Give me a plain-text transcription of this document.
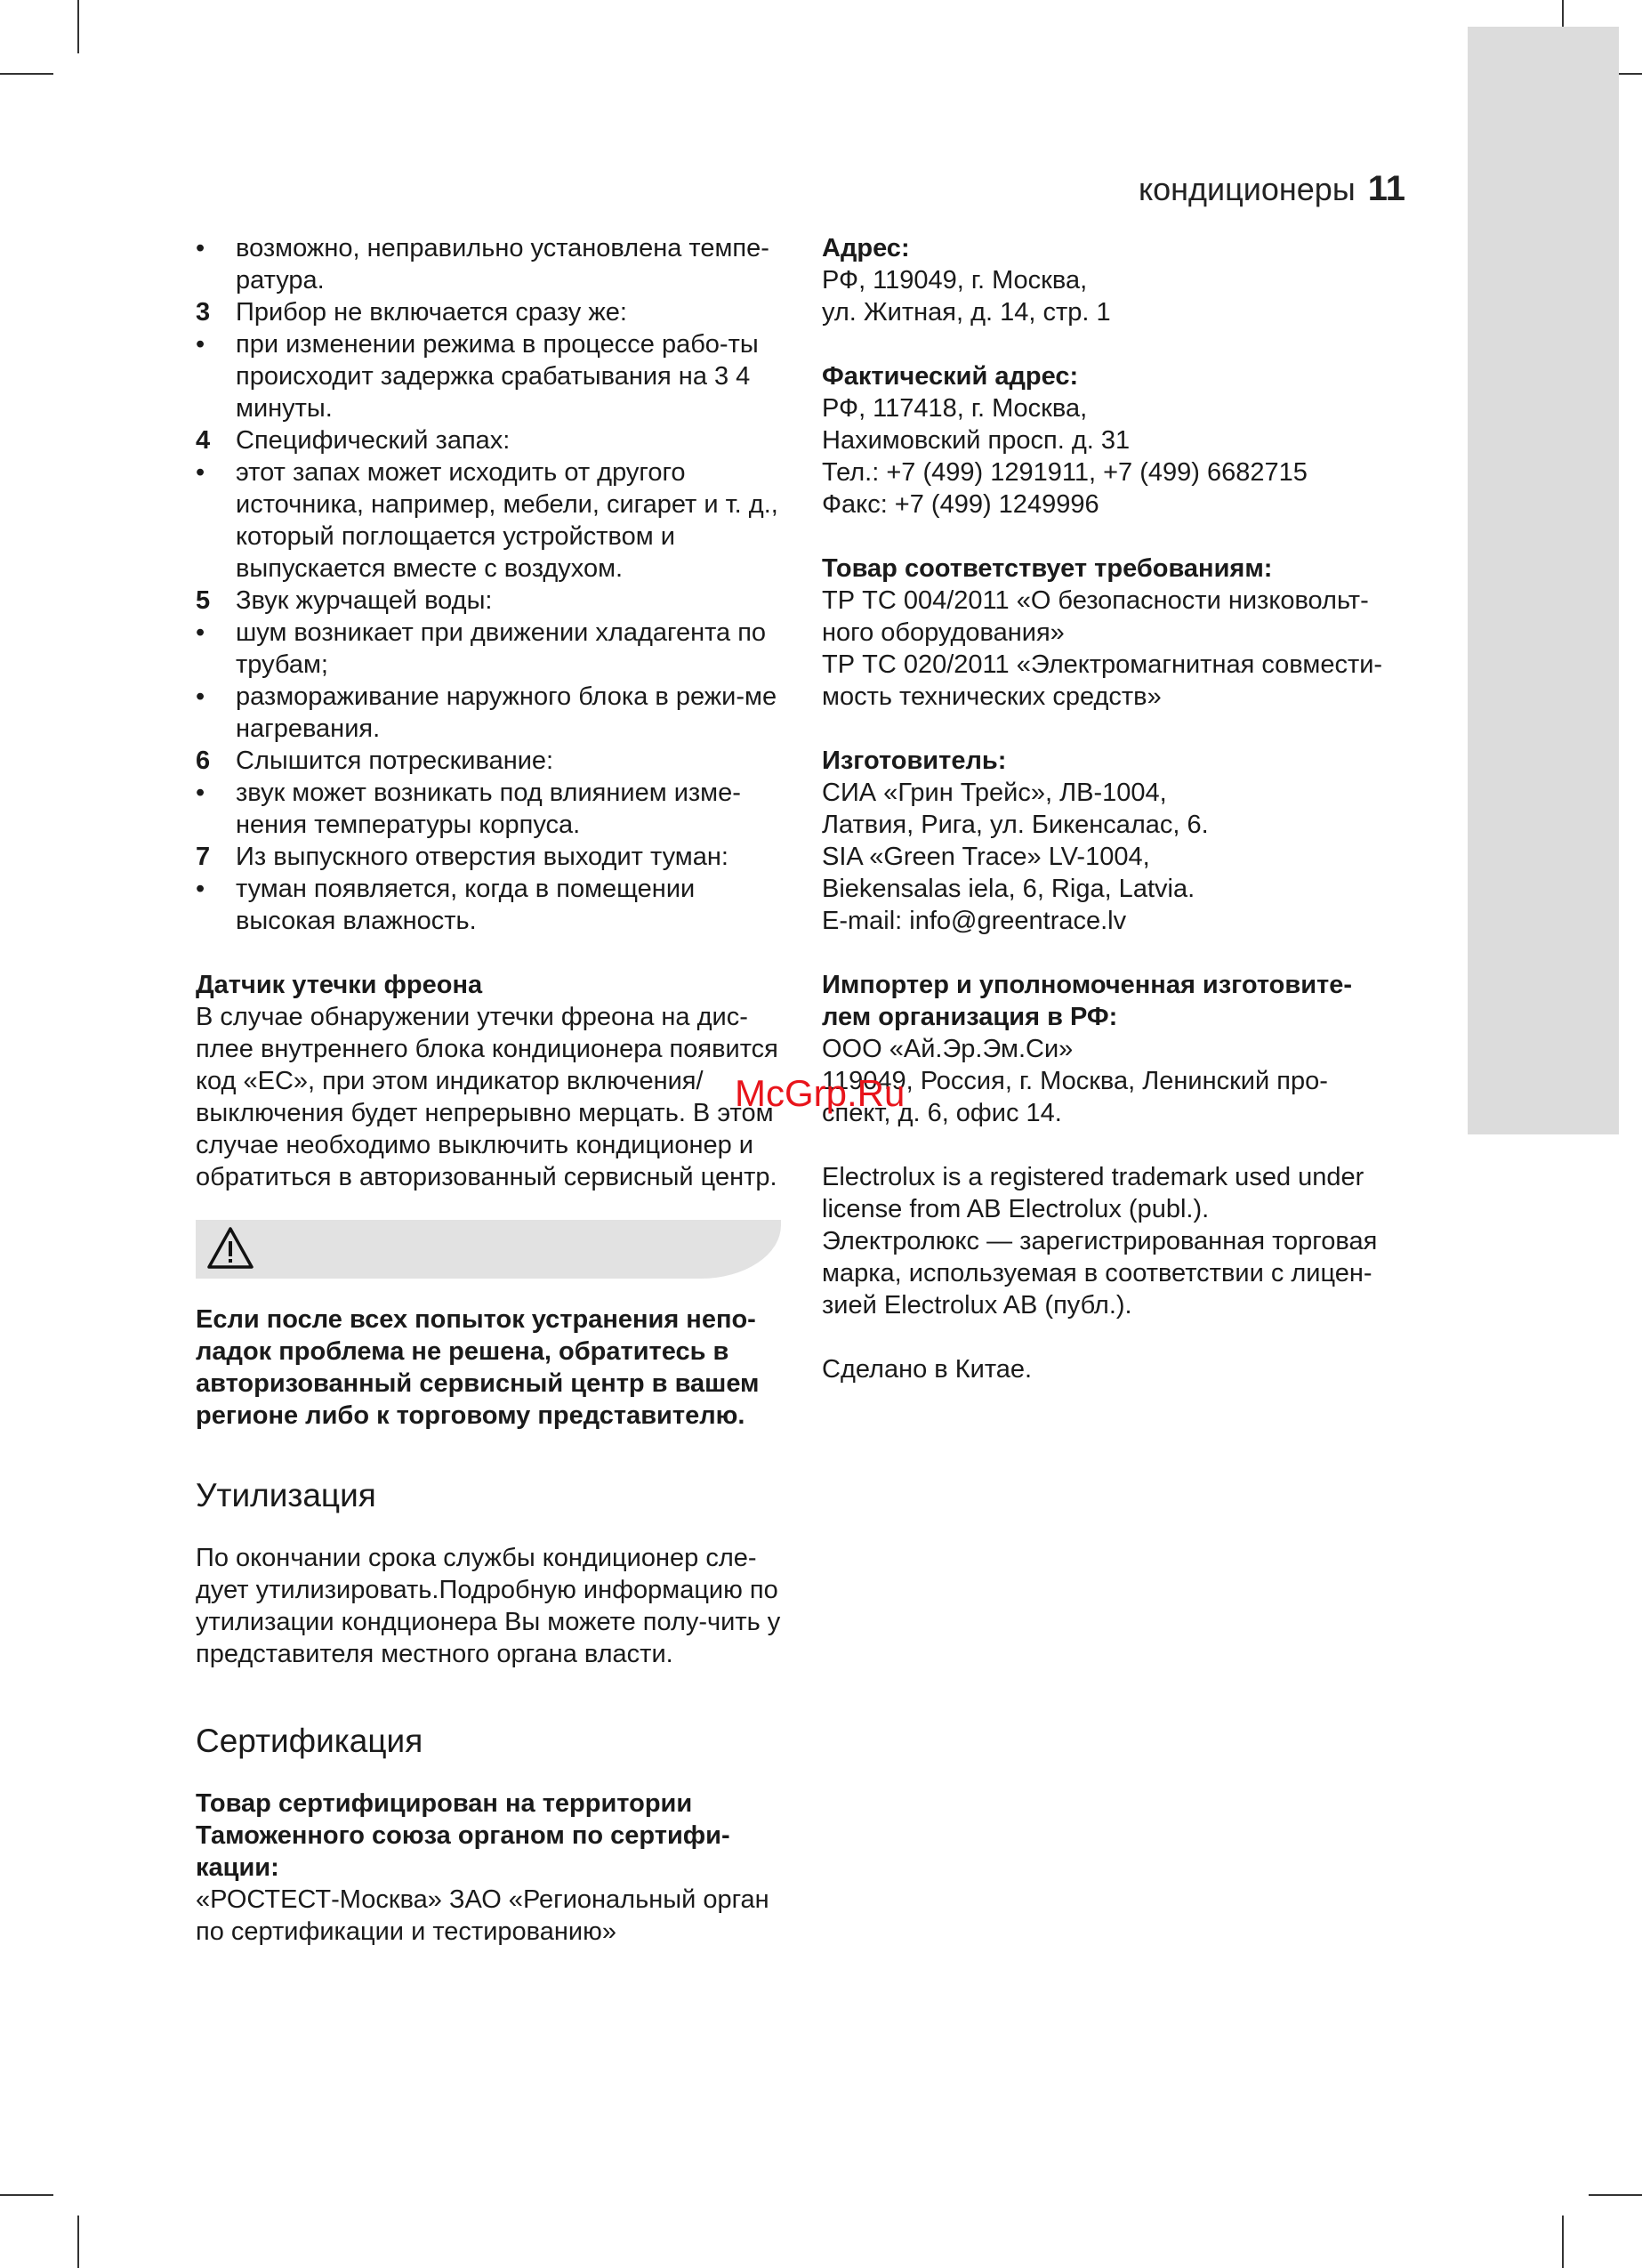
кондиционеры 11
•	возможно, неправильно установлена темпе-ратура.
3 Прибор не включается сразу же:
•	при изменении режима в процессе рабо-ты происходит задержка срабатывания на 3 4 минуты.
4 Специфический запах:
•	этот запах может исходить от другого источника, например, мебели, сигарет и т. д., который поглощается устройством и выпускается вместе с воздухом.
5 Звук журчащей воды:
•	шум возникает при движении хладагента по трубам;
•	размораживание наружного блока в режи-ме нагревания.
6 Слышится потрескивание:
•	звук может возникать под влиянием изме-нения температуры корпуса.
7 Из выпускного отверстия выходит туман:
•	туман появляется, когда в помещении высокая влажность.
Датчик утечки фреона

В случае обнаружении утечки фреона на дис-плее внутреннего блока кондиционера появится код «EC», при этом индикатор включения/выключения будет непрерывно мерцать. В этом случае необходимо выключить кондиционер и обратиться в авторизованный сервисный центр.

Если после всех попыток устранения непо-ладок проблема не решена, обратитесь в авторизованный сервисный центр в вашем регионе либо к торговому представителю.

Утилизация

По окончании срока службы кондиционер сле-дует утилизировать.Подробную информацию по утилизации кондционера Вы можете полу-чить у представителя местного органа власти.

Сертификация

Товар сертифицирован на территории Таможенного союза органом по сертифи-кации:

«РОСТЕСТ-Москва» ЗАО «Региональный орган по сертификации и тестированию»

Адрес:
РФ, 119049, г. Москва,
ул. Житная, д. 14, стр. 1
Фактический адрес:
РФ, 117418, г. Москва,
Нахимовский просп. д. 31
Тел.: +7 (499) 1291911, +7 (499) 6682715
Факс: +7 (499) 1249996
Товар соответствует требованиям:
ТР ТС 004/2011 «О безопасности низковольт-
ного оборудования»
ТР ТС 020/2011 «Электромагнитная совмести-
мость технических средств»
Изготовитель:
СИА «Грин Трейс», ЛВ-1004,
Латвия, Рига, ул. Бикенсалас, 6.
SIA «Green Trace» LV-1004,
Biekensalas iela, 6, Riga, Latvia.
E-mail: info@greentrace.lv
Импортер и уполномоченная изготовите-
лем организация в РФ:
ООО «Ай.Эр.Эм.Си»
119049, Россия, г. Москва, Ленинский про-
спект, д. 6, офис 14.
Electrolux is a registered trademark used under
license from AB Electrolux (publ.).
Электролюкс — зарегистрированная торговая
марка, используемая в соответствии с лицен-
зией Electrolux AB (публ.).
Сделано в Китае.
McGrp.Ru
